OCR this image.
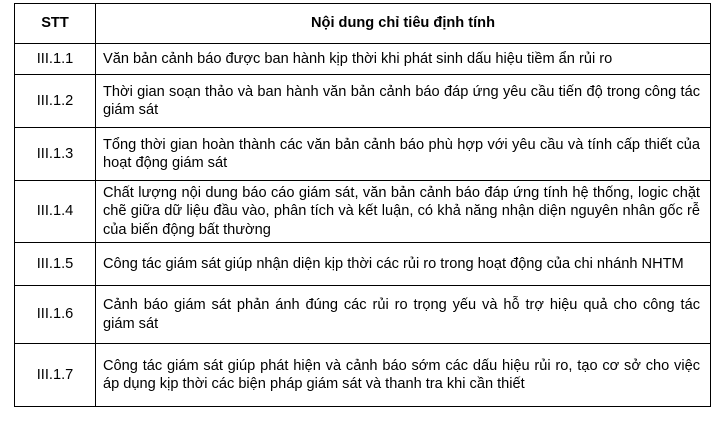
STT	Nội dung chỉ tiêu định tính
III.1.1	Văn bản cảnh báo được ban hành kịp thời khi phát sinh dấu hiệu tiềm ẩn rủi ro
III.1.2	Thời gian soạn thảo và ban hành văn bản cảnh báo đáp ứng yêu cầu tiến độ trong công tác giám sát
III.1.3	Tổng thời gian hoàn thành các văn bản cảnh báo phù hợp với yêu cầu và tính cấp thiết của hoạt động giám sát
III.1.4	Chất lượng nội dung báo cáo giám sát, văn bản cảnh báo đáp ứng tính hệ thống, logic chặt chẽ giữa dữ liệu đầu vào, phân tích và kết luận, có khả năng nhận diện nguyên nhân gốc rễ của biến động bất thường
III.1.5	Công tác giám sát giúp nhận diện kịp thời các rủi ro trong hoạt động của chi nhánh NHTM
III.1.6	Cảnh báo giám sát phản ánh đúng các rủi ro trọng yếu và hỗ trợ hiệu quả cho công tác giám sát
III.1.7	Công tác giám sát giúp phát hiện và cảnh báo sớm các dấu hiệu rủi ro, tạo cơ sở cho việc áp dụng kịp thời các biện pháp giám sát và thanh tra khi cần thiết
